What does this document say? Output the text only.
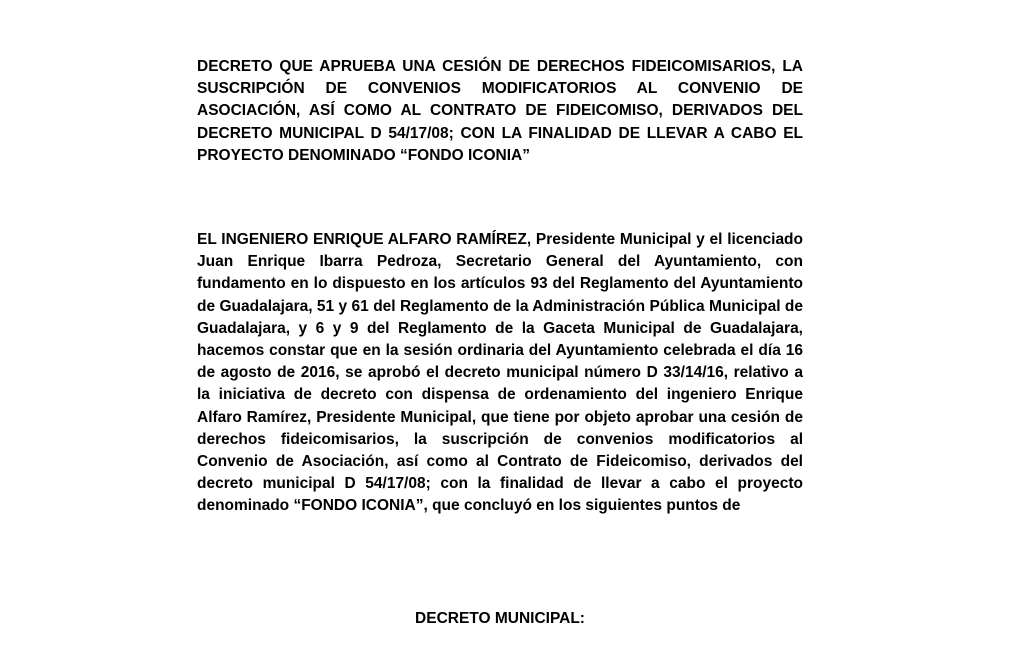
DECRETO QUE APRUEBA UNA CESIÓN DE DERECHOS FIDEICOMISARIOS, LA SUSCRIPCIÓN DE CONVENIOS MODIFICATORIOS AL CONVENIO DE ASOCIACIÓN, ASÍ COMO AL CONTRATO DE FIDEICOMISO, DERIVADOS DEL DECRETO MUNICIPAL D 54/17/08; CON LA FINALIDAD DE LLEVAR A CABO EL PROYECTO DENOMINADO “FONDO ICONIA”

EL INGENIERO ENRIQUE ALFARO RAMÍREZ, Presidente Municipal y el licenciado Juan Enrique Ibarra Pedroza, Secretario General del Ayuntamiento, con fundamento en lo dispuesto en los artículos 93 del Reglamento del Ayuntamiento de Guadalajara, 51 y 61 del Reglamento de la Administración Pública Municipal de Guadalajara, y 6 y 9 del Reglamento de la Gaceta Municipal de Guadalajara, hacemos constar que en la sesión ordinaria del Ayuntamiento celebrada el día 16 de agosto de 2016, se aprobó el decreto municipal número D 33/14/16, relativo a la iniciativa de decreto con dispensa de ordenamiento del ingeniero Enrique Alfaro Ramírez, Presidente Municipal, que tiene por objeto aprobar una cesión de derechos fideicomisarios, la suscripción de convenios modificatorios al Convenio de Asociación, así como al Contrato de Fideicomiso, derivados del decreto municipal D 54/17/08; con la finalidad de llevar a cabo el proyecto denominado “FONDO ICONIA”, que concluyó en los siguientes puntos de

DECRETO MUNICIPAL:
